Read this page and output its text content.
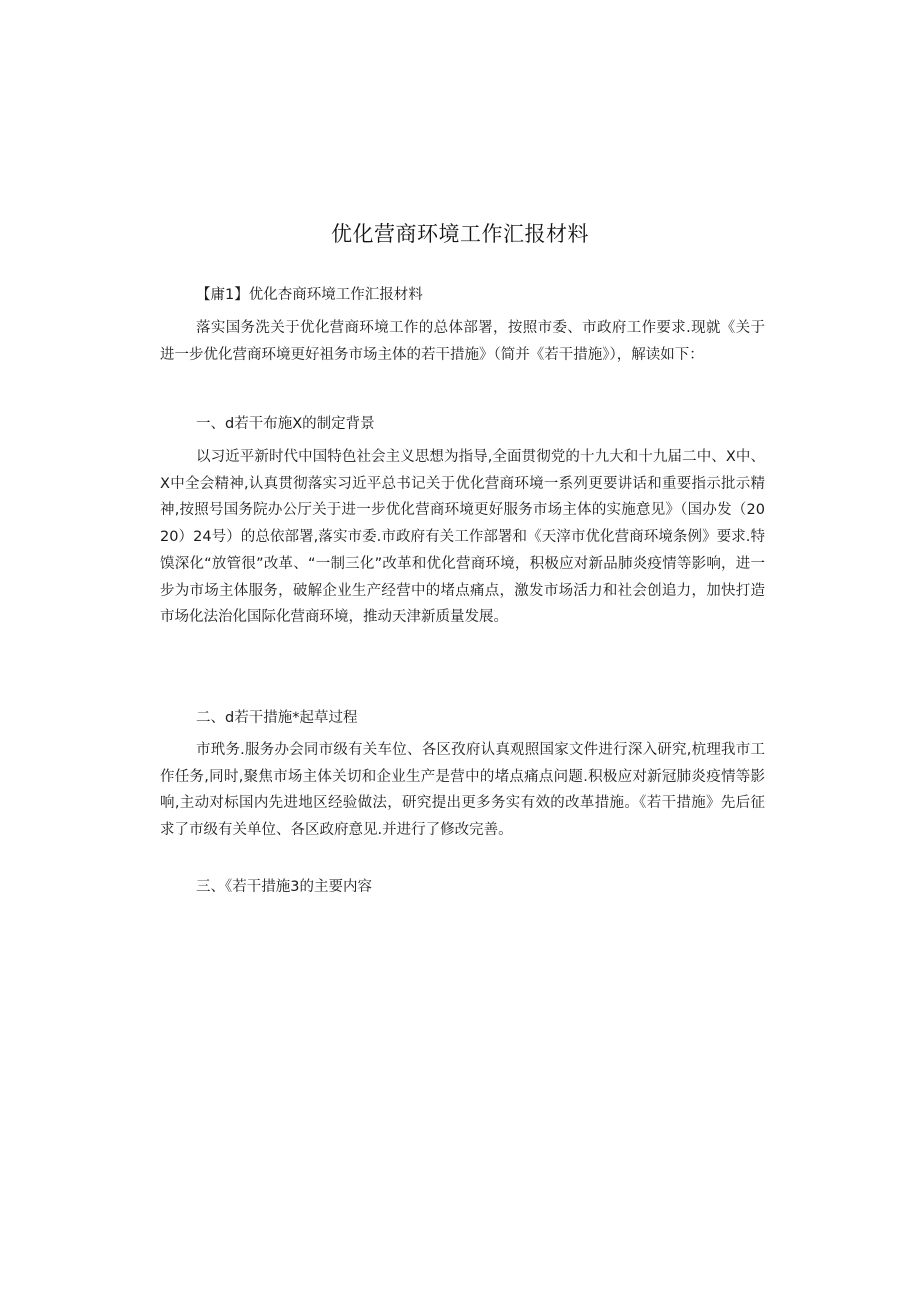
优化营商环境工作汇报材料

【庸1】优化杏商环境工作汇报材料

落实国务洗关于优化营商环境工作的总体部署，按照市委、市政府工作要求.现就《关于进一步优化营商环境更好祖务市场主体的若干措施》（简并《若干措施》），解读如下：

一、d若干布施X的制定背景

以习近平新时代中国特色社会主义思想为指导,全面贯彻党的十九大和十九届二中、X中、X中全会精神,认真贯彻落实习近平总书记关于优化营商环境一系列更要讲话和重要指示批示精神,按照号国务院办公厅关于进一步优化营商环境更好服务市场主体的实施意见》（国办发（2020）24号）的总依部署,落实市委.市政府有关工作部署和《天滓市优化营商环境条例》要求.特馍深化“放管很”改革、“一制三化”改革和优化营商环境，积极应对新品肺炎疫情等影响，进一步为市场主体服务，破解企业生产经营中的堵点痛点，激发市场活力和社会创追力，加快打造市场化法治化国际化营商环境，推动天津新质量发展。

二、d若干措施*起草过程

市玳务.服务办会同市级有关车位、各区孜府认真观照国家文件进行深入研究,杭理我市工作任务,同时,聚焦市场主体关切和企业生产是营中的堵点痛点问题.积极应对新冠肺炎疫情等影响,主动对标国内先进地区经验做法，研究提出更多务实有效的改革措施。《若干措施》先后征求了市级有关单位、各区政府意见.并进行了修改完善。

三、《若干措施3的主要内容
